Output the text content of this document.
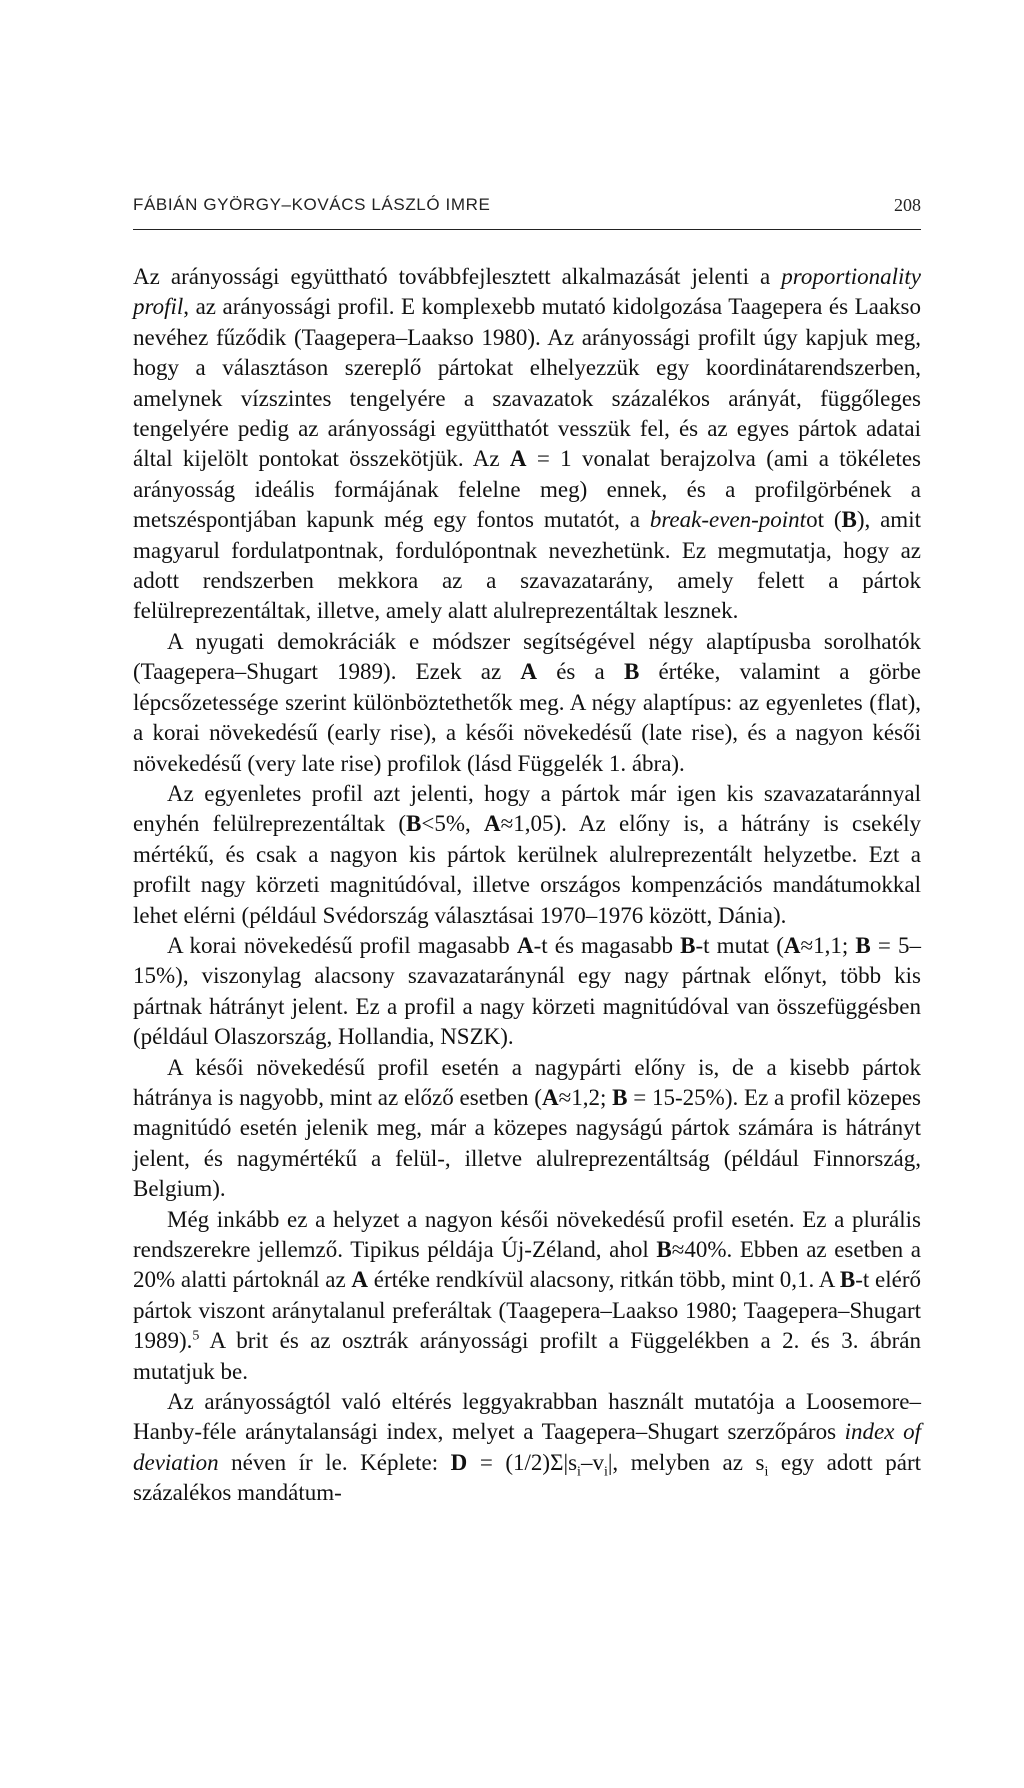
FÁBIÁN GYÖRGY–KOVÁCS LÁSZLÓ IMRE	208

Az arányossági együttható továbbfejlesztett alkalmazását jelenti a proportionality profil, az arányossági profil. E komplexebb mutató kidolgozása Taagepera és Laakso nevéhez fűződik (Taagepera–Laakso 1980). Az arányossági profilt úgy kapjuk meg, hogy a választáson szereplő pártokat elhelyezzük egy koordinátarendszerben, amelynek vízszintes tengelyére a szavazatok százalékos arányát, függőleges tengelyére pedig az arányossági együtthatót vesszük fel, és az egyes pártok adatai által kijelölt pontokat összekötjük. Az A = 1 vonalat berajzolva (ami a tökéletes arányosság ideális formájának felelne meg) ennek, és a profilgörbének a metszéspontjában kapunk még egy fontos mutatót, a break-even-pointot (B), amit magyarul fordulatpontnak, fordulópontnak nevezhetünk. Ez megmutatja, hogy az adott rendszerben mekkora az a szavazatarány, amely felett a pártok felülreprezentáltak, illetve, amely alatt alulreprezentáltak lesznek.

A nyugati demokráciák e módszer segítségével négy alaptípusba sorolhatók (Taagepera–Shugart 1989). Ezek az A és a B értéke, valamint a görbe lépcsőzetessége szerint különböztethetők meg. A négy alaptípus: az egyenletes (flat), a korai növekedésű (early rise), a késői növekedésű (late rise), és a nagyon késői növekedésű (very late rise) profilok (lásd Függelék 1. ábra).

Az egyenletes profil azt jelenti, hogy a pártok már igen kis szavazataránnyal enyhén felülreprezentáltak (B<5%, A≈1,05). Az előny is, a hátrány is csekély mértékű, és csak a nagyon kis pártok kerülnek alulreprezentált helyzetbe. Ezt a profilt nagy körzeti magnitúdóval, illetve országos kompenzációs mandátumokkal lehet elérni (például Svédország választásai 1970–1976 között, Dánia).

A korai növekedésű profil magasabb A-t és magasabb B-t mutat (A≈1,1; B = 5–15%), viszonylag alacsony szavazataránynál egy nagy pártnak előnyt, több kis pártnak hátrányt jelent. Ez a profil a nagy körzeti magnitúdóval van összefüggésben (például Olaszország, Hollandia, NSZK).

A késői növekedésű profil esetén a nagypárti előny is, de a kisebb pártok hátránya is nagyobb, mint az előző esetben (A≈1,2; B = 15-25%). Ez a profil közepes magnitúdó esetén jelenik meg, már a közepes nagyságú pártok számára is hátrányt jelent, és nagymértékű a felül-, illetve alulreprezentáltság (például Finnország, Belgium).

Még inkább ez a helyzet a nagyon késői növekedésű profil esetén. Ez a plurális rendszerekre jellemző. Tipikus példája Új-Zéland, ahol B≈40%. Ebben az esetben a 20% alatti pártoknál az A értéke rendkívül alacsony, ritkán több, mint 0,1. A B-t elérő pártok viszont aránytalanul preferáltak (Taagepera–Laakso 1980; Taagepera–Shugart 1989).$^5$ A brit és az osztrák arányossági profilt a Függelékben a 2. és 3. ábrán mutatjuk be.

Az arányosságtól való eltérés leggyakrabban használt mutatója a Loosemore–Hanby-féle aránytalansági index, melyet a Taagepera–Shugart szerzőpáros index of deviation néven ír le. Képlete: $D = (1/2)\Sigma|s_i-v_i|$, melyben az $s_i$ egy adott párt százalékos mandátum-
